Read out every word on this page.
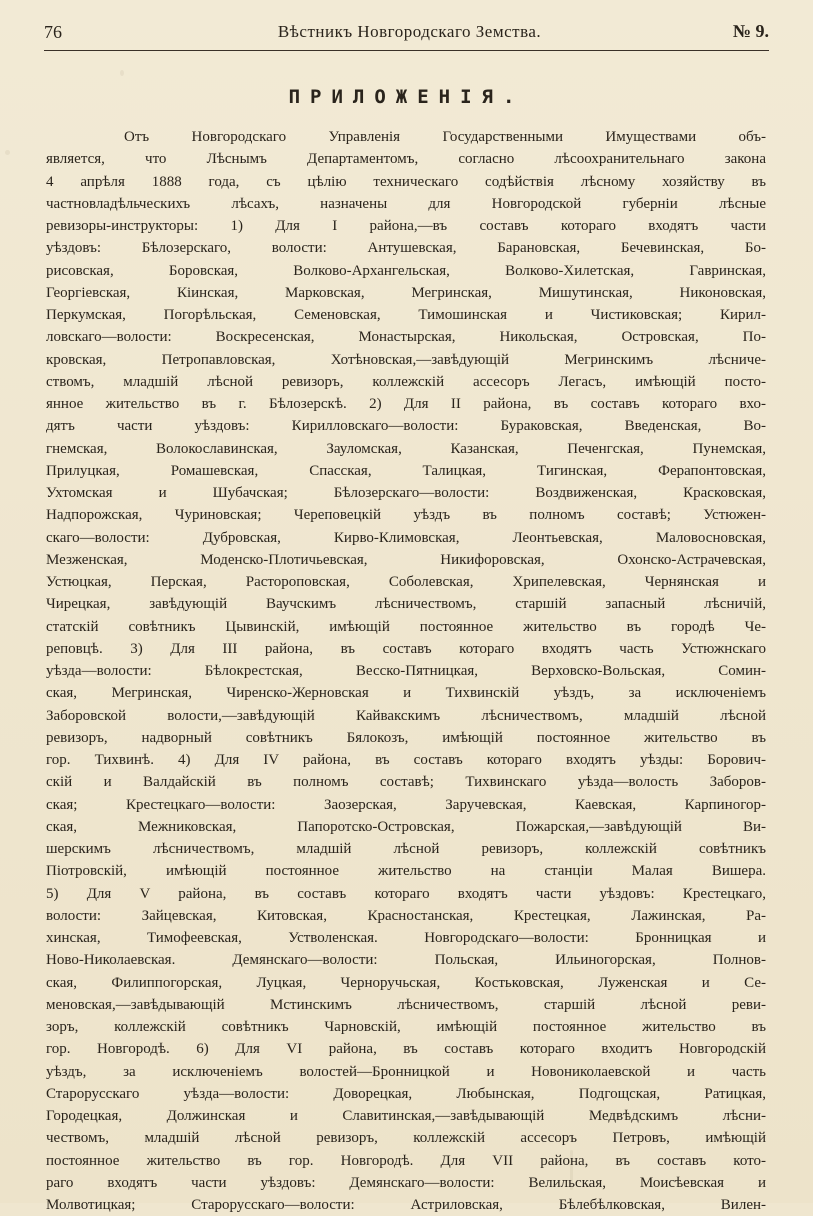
76	Вѣстникъ Новгородскаго Земства.	№ 9.
ПРИЛОЖЕНІЯ.
Отъ Новгородскаго Управленія Государственными Имуществами объ-
является, что Лѣснымъ Департаментомъ, согласно лѣсоохранительнаго закона
4 апрѣля 1888 года, съ цѣлію техническаго содѣйствія лѣсному хозяйству въ
частновладѣльческихъ лѣсахъ, назначены для Новгородской губерніи лѣсные
ревизоры-инструкторы: 1) Для I района,—въ составъ котораго входятъ части
уѣздовъ: Бѣлозерскаго, волости: Антушевская, Барановская, Бечевинская, Бо-
рисовская, Боровская, Волково-Архангельская, Волково-Хилетская, Гавринская,
Георгіевская, Кіинская, Марковская, Мегринская, Мишутинская, Никоновская,
Перкумская, Погорѣльская, Семеновская, Тимошинская и Чистиковская; Кирил-
ловскаго—волости: Воскресенская, Монастырская, Никольская, Островская, По-
кровская, Петропавловская, Хотѣновская,—завѣдующій Мегринскимъ лѣсниче-
ствомъ, младшій лѣсной ревизоръ, коллежскій ассесоръ Легасъ, имѣющій посто-
янное жительство въ г. Бѣлозерскѣ. 2) Для II района, въ составъ котораго вхо-
дятъ части уѣздовъ: Кирилловскаго—волости: Бураковская, Введенская, Во-
гнемская, Волокославинская, Зауломская, Казанская, Печенгская, Пунемская,
Прилуцкая, Ромашевская, Спасская, Талицкая, Тигинская, Ферапонтовская,
Ухтомская и Шубачская; Бѣлозерскаго—волости: Воздвиженская, Красковская,
Надпорожская, Чуриновская; Череповецкій уѣздъ въ полномъ составѣ; Устюжен-
скаго—волости: Дубровская, Кирво-Климовская, Леонтьевская, Маловосновская,
Мезженская, Моденско-Плотичьевская, Никифоровская, Охонско-Астрачевская,
Устюцкая, Перская, Растороповская, Соболевская, Хрипелевская, Чернянская и
Чирецкая, завѣдующій Ваучскимъ лѣсничествомъ, старшій запасный лѣсничій,
статскій совѣтникъ Цывинскій, имѣющій постоянное жительство въ городѣ Че-
реповцѣ. 3) Для III района, въ составъ котораго входятъ часть Устюжнскаго
уѣзда—волости: Бѣлокрестская, Весско-Пятницкая, Верховско-Вольская, Сомин-
ская, Мегринская, Чиренско-Жерновская и Тихвинскій уѣздъ, за исключеніемъ
Заборовской волости,—завѣдующій Кайвакскимъ лѣсничествомъ, младшій лѣсной
ревизоръ, надворный совѣтникъ Бялокозъ, имѣющій постоянное жительство въ
гор. Тихвинѣ. 4) Для IV района, въ составъ котораго входятъ уѣзды: Борович-
скій и Валдайскій въ полномъ составѣ; Тихвинскаго уѣзда—волость Заборов-
ская; Крестецкаго—волости: Заозерская, Заручевская, Каевская, Карпиногор-
ская, Межниковская, Папоротско-Островская, Пожарская,—завѣдующій Ви-
шерскимъ лѣсничествомъ, младшій лѣсной ревизоръ, коллежскій совѣтникъ
Піотровскій, имѣющій постоянное жительство на станціи Малая Вишера.
5) Для V района, въ составъ котораго входятъ части уѣздовъ: Крестецкаго,
волости: Зайцевская, Китовская, Красностанская, Крестецкая, Лажинская, Ра-
хинская, Тимофеевская, Устволенская. Новгородскаго—волости: Бронницкая и
Ново-Николаевская. Демянскаго—волости: Польская, Ильиногорская, Полнов-
ская, Филиппогорская, Луцкая, Черноручьская, Костьковская, Луженская и Се-
меновская,—завѣдывающій Мстинскимъ лѣсничествомъ, старшій лѣсной реви-
зоръ, коллежскій совѣтникъ Чарновскій, имѣющій постоянное жительство въ
гор. Новгородѣ. 6) Для VI района, въ составъ котораго входитъ Новгородскій
уѣздъ, за исключеніемъ волостей—Бронницкой и Новониколаевской и часть
Старорусскаго уѣзда—волости: Доворецкая, Любынская, Подгощская, Ратицкая,
Городецкая, Должинская и Славитинская,—завѣдывающій Медвѣдскимъ лѣсни-
чествомъ, младшій лѣсной ревизоръ, коллежскій ассесоръ Петровъ, имѣющій
постоянное жительство въ гор. Новгородѣ. Для VII района, въ составъ кото-
раго входятъ части уѣздовъ: Демянскаго—волости: Велильская, Моисѣевская и
Молвотицкая; Старорусскаго—волости: Астриловская, Бѣлебѣлковская, Вилен-
